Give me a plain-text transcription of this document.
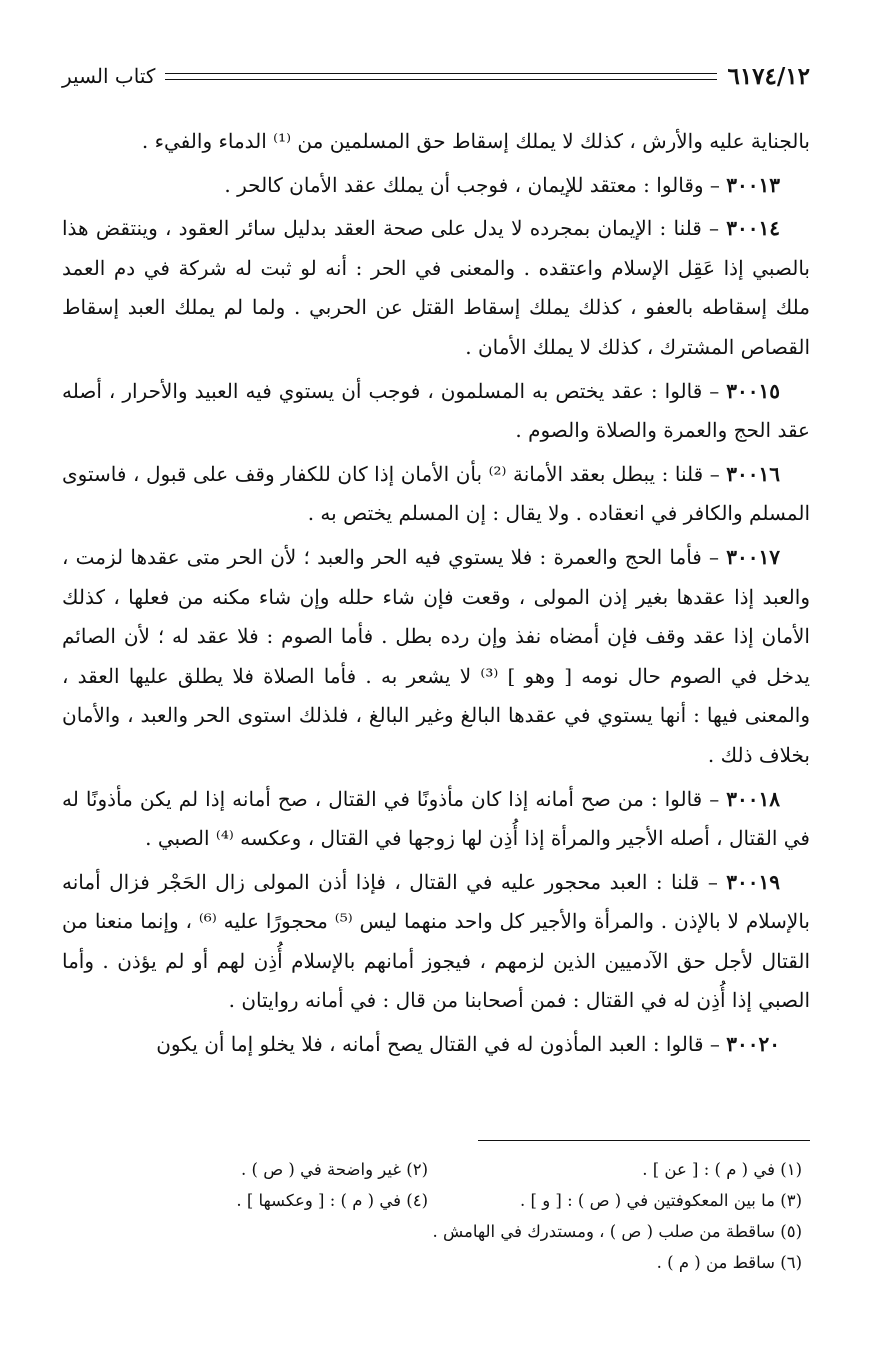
٦١٧٤/١٢
كتاب السير

بالجناية عليه والأرش ، كذلك لا يملك إسقاط حق المسلمين من ⁽¹⁾ الدماء والفيء .

٣٠٠١٣ – وقالوا : معتقد للإيمان ، فوجب أن يملك عقد الأمان كالحر .

٣٠٠١٤ – قلنا : الإيمان بمجرده لا يدل على صحة العقد بدليل سائر العقود ، وينتقض هذا بالصبي إذا عَقِل الإسلام واعتقده . والمعنى في الحر : أنه لو ثبت له شركة في دم العمد ملك إسقاطه بالعفو ، كذلك يملك إسقاط القتل عن الحربي . ولما لم يملك العبد إسقاط القصاص المشترك ، كذلك لا يملك الأمان .

٣٠٠١٥ – قالوا : عقد يختص به المسلمون ، فوجب أن يستوي فيه العبيد والأحرار ، أصله عقد الحج والعمرة والصلاة والصوم .

٣٠٠١٦ – قلنا : يبطل بعقد الأمانة ⁽²⁾ بأن الأمان إذا كان للكفار وقف على قبول ، فاستوى المسلم والكافر في انعقاده . ولا يقال : إن المسلم يختص به .

٣٠٠١٧ – فأما الحج والعمرة : فلا يستوي فيه الحر والعبد ؛ لأن الحر متى عقدها لزمت ، والعبد إذا عقدها بغير إذن المولى ، وقعت فإن شاء حلله وإن شاء مكنه من فعلها ، كذلك الأمان إذا عقد وقف فإن أمضاه نفذ وإن رده بطل . فأما الصوم : فلا عقد له ؛ لأن الصائم يدخل في الصوم حال نومه [ وهو ] ⁽³⁾ لا يشعر به . فأما الصلاة فلا يطلق عليها العقد ، والمعنى فيها : أنها يستوي في عقدها البالغ وغير البالغ ، فلذلك استوى الحر والعبد ، والأمان بخلاف ذلك .

٣٠٠١٨ – قالوا : من صح أمانه إذا كان مأذونًا في القتال ، صح أمانه إذا لم يكن مأذونًا له في القتال ، أصله الأجير والمرأة إذا أُذِن لها زوجها في القتال ، وعكسه ⁽⁴⁾ الصبي .

٣٠٠١٩ – قلنا : العبد محجور عليه في القتال ، فإذا أذن المولى زال الحَجْر فزال أمانه بالإسلام لا بالإذن . والمرأة والأجير كل واحد منهما ليس ⁽⁵⁾ محجورًا عليه ⁽⁶⁾ ، وإنما منعنا من القتال لأجل حق الآدميين الذين لزمهم ، فيجوز أمانهم بالإسلام أُذِن لهم أو لم يؤذن . وأما الصبي إذا أُذِن له في القتال : فمن أصحابنا من قال : في أمانه روايتان .

٣٠٠٢٠ – قالوا : العبد المأذون له في القتال يصح أمانه ، فلا يخلو إما أن يكون

(١) في ( م ) : [ عن ] .
(٢) غير واضحة في ( ص ) .
(٣) ما بين المعكوفتين في ( ص ) : [ و ] .
(٤) في ( م ) : [ وعكسها ] .
(٥) ساقطة من صلب ( ص ) ، ومستدرك في الهامش .
(٦) ساقط من ( م ) .
